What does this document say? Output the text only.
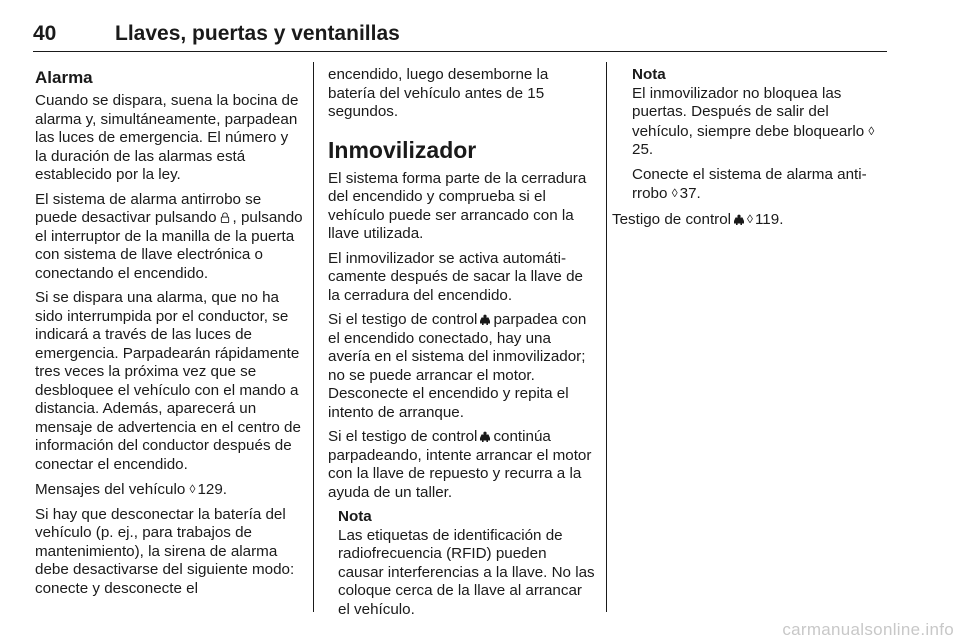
40	Llaves, puertas y ventanillas
Alarma

Cuando se dispara, suena la bocina de alarma y, simultáneamente, parpadean las luces de emergencia. El número y la duración de las alarmas está establecido por la ley.

El sistema de alarma antirrobo se puede desactivar pulsando , pulsando el interruptor de la manilla de la puerta con sistema de llave electrónica o conectando el encendido.

Si se dispara una alarma, que no ha sido interrumpida por el conductor, se indicará a través de las luces de emergencia. Parpadearán rápidamente tres veces la próxima vez que se desbloquee el vehículo con el mando a distancia. Además, aparecerá un mensaje de advertencia en el centro de información del conductor después de conectar el encendido.

Mensajes del vehículo ◊ 129.

Si hay que desconectar la batería del vehículo (p. ej., para trabajos de mantenimiento), la sirena de alarma debe desactivarse del siguiente modo: conecte y desconecte el

encendido, luego desemborne la batería del vehículo antes de 15 segundos.

Inmovilizador

El sistema forma parte de la cerradura del encendido y comprueba si el vehículo puede ser arrancado con la llave utilizada.

El inmovilizador se activa automáticamente después de sacar la llave de la cerradura del encendido.

Si el testigo de control parpadea con el encendido conectado, hay una avería en el sistema del inmovilizador; no se puede arrancar el motor. Desconecte el encendido y repita el intento de arranque.

Si el testigo de control continúa parpadeando, intente arrancar el motor con la llave de repuesto y recurra a la ayuda de un taller.

Nota

Las etiquetas de identificación de radiofrecuencia (RFID) pueden causar interferencias a la llave. No las coloque cerca de la llave al arrancar el vehículo.

Nota

El inmovilizador no bloquea las puertas. Después de salir del vehículo, siempre debe bloquearlo ◊25.

Conecte el sistema de alarma antirrobo ◊ 37.

Testigo de control ◊ 119.

carmanualsonline.info
